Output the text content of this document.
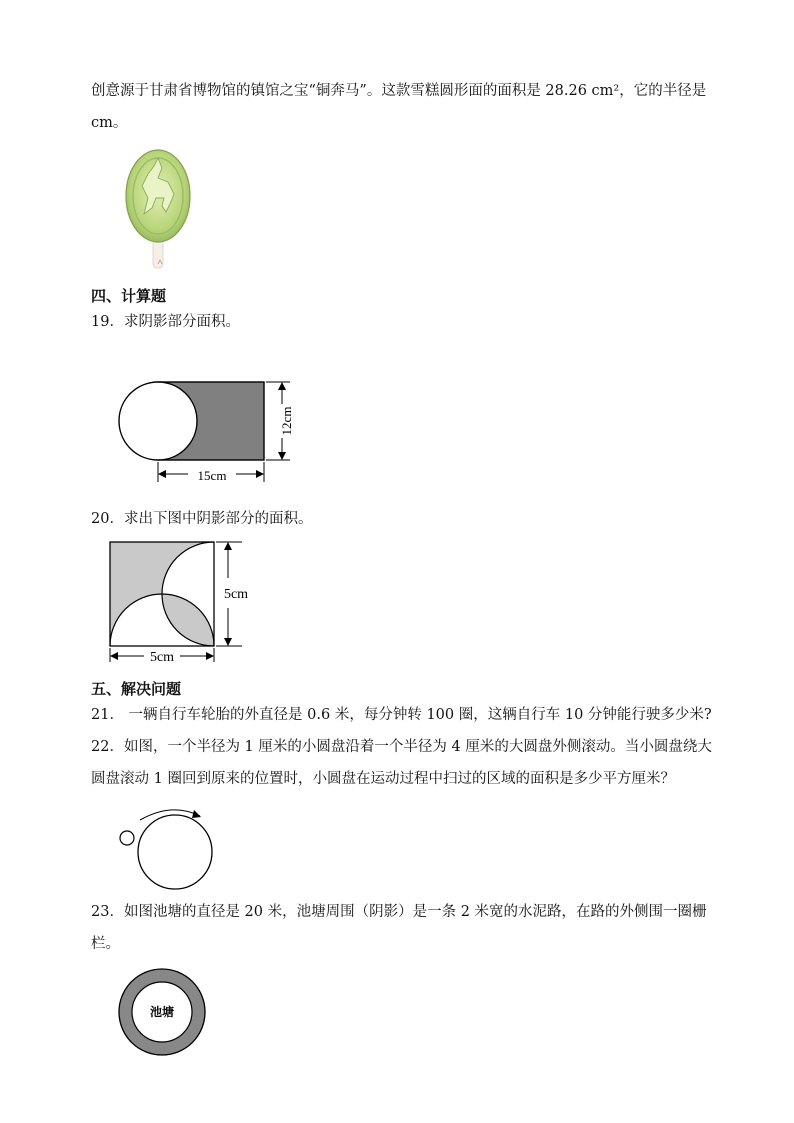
创意源于甘肃省博物馆的镇馆之宝“铜奔马”。这款雪糕圆形面的面积是 28.26 cm²，它的半径是
cm。
四、计算题
19．求阴影部分面积。
12cm
15cm
20．求出下图中阴影部分的面积。
5cm
5cm
五、解决问题
21． 一辆自行车轮胎的外直径是 0.6 米，每分钟转 100 圈，这辆自行车 10 分钟能行驶多少米?
22．如图，一个半径为 1 厘米的小圆盘沿着一个半径为 4 厘米的大圆盘外侧滚动。当小圆盘绕大
圆盘滚动 1 圈回到原来的位置时，小圆盘在运动过程中扫过的区域的面积是多少平方厘米？
23．如图池塘的直径是 20 米，池塘周围（阴影）是一条 2 米宽的水泥路，在路的外侧围一圈栅
栏。
池塘
